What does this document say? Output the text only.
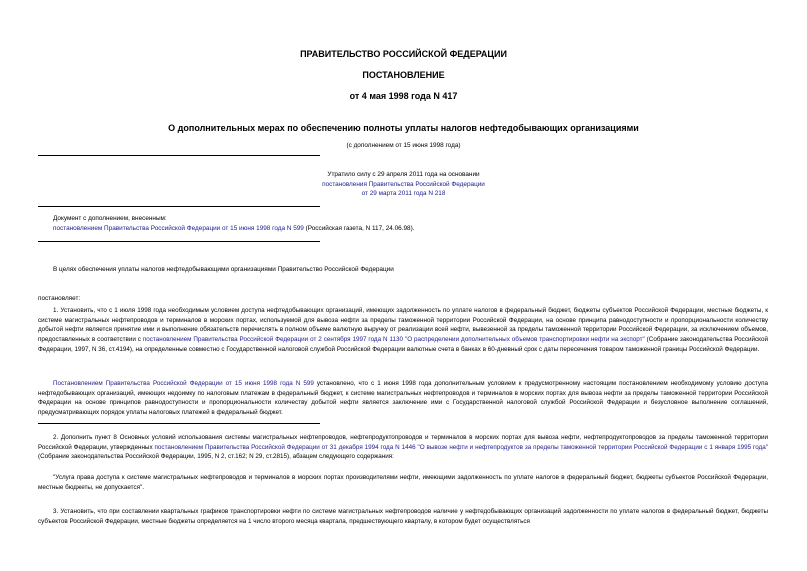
ПРАВИТЕЛЬСТВО РОССИЙСКОЙ ФЕДЕРАЦИИ
ПОСТАНОВЛЕНИЕ
от 4 мая 1998 года N 417
О дополнительных мерах по обеспечению полноты уплаты налогов нефтедобывающих организациями
(с дополнением от 15 июня 1998 года)
Утратило силу с 29 апреля 2011 года на основании
постановления Правительства Российской Федерации
от 29 марта 2011 года N 218
Документ с дополнением, внесенным:
постановлением Правительства Российской Федерации от 15 июня 1998 года N 599 (Российская газета, N 117, 24.06.98).
В целях обеспечения уплаты налогов нефтедобывающими организациями Правительство Российской Федерации
постановляет:
1. Установить, что с 1 июля 1998 года необходимым условием доступа нефтедобывающих организаций, имеющих задолженность по уплате налогов в федеральный бюджет, бюджеты субъектов Российской Федерации, местные бюджеты, к системе магистральных нефтепроводов и терминалов в морских портах, используемой для вывоза нефти за пределы таможенной территории Российской Федерации, на основе принципа равнодоступности и пропорциональности количеству добытой нефти является принятие ими и выполнение обязательств перечислять в полном объеме валютную выручку от реализации всей нефти, вывезенной за пределы таможенной территории Российской Федерации, за исключением объемов, предоставленных в соответствии с постановлением Правительства Российской Федерации от 2 сентября 1997 года N 1130 "О распределении дополнительных объемов транспортировки нефти на экспорт" (Собрание законодательства Российской Федерации, 1997, N 36, ст.4194), на определенные совместно с Государственной налоговой службой Российской Федерации валютные счета в банках в 60-дневный срок с даты пересечения товаром таможенной границы Российской Федерации.
Постановлением Правительства Российской Федерации от 15 июня 1998 года N 599 установлено, что с 1 июня 1998 года дополнительным условием к предусмотренному настоящим постановлением необходимому условию доступа нефтедобывающих организаций, имеющих недоимку по налоговым платежам в федеральный бюджет, к системе магистральных нефтепроводов и терминалов в морских портах для вывоза нефти за пределы таможенной территории Российской Федерации на основе принципов равнодоступности и пропорциональности количеству добытой нефти является заключение ими с Государственной налоговой службой Российской Федерации и безусловное выполнение соглашений, предусматривающих порядок уплаты налоговых платежей в федеральный бюджет.
2. Дополнить пункт 8 Основных условий использования системы магистральных нефтепроводов, нефтепродуктопроводов и терминалов в морских портах для вывоза нефти, нефтепродуктопроводов за пределы таможенной территории Российской Федерации, утвержденных постановлением Правительства Российской Федерации от 31 декабря 1994 года N 1446 "О вывозе нефти и нефтепродуктов за пределы таможенной территории Российской Федерации с 1 января 1995 года" (Собрание законодательства Российской Федерации, 1995, N 2, ст.162; N 29, ст.2815), абзацем следующего содержания:
"Услуга права доступа к системе магистральных нефтепроводов и терминалов в морских портах производителями нефти, имеющими задолженность по уплате налогов в федеральный бюджет, бюджеты субъектов Российской Федерации, местные бюджеты, не допускается".
3. Установить, что при составлении квартальных графиков транспортировки нефти по системе магистральных нефтепроводов наличие у нефтедобывающих организаций задолженности по уплате налогов в федеральный бюджет, бюджеты субъектов Российской Федерации, местные бюджеты определяется на 1 число второго месяца квартала, предшествующего кварталу, в котором будет осуществляться
